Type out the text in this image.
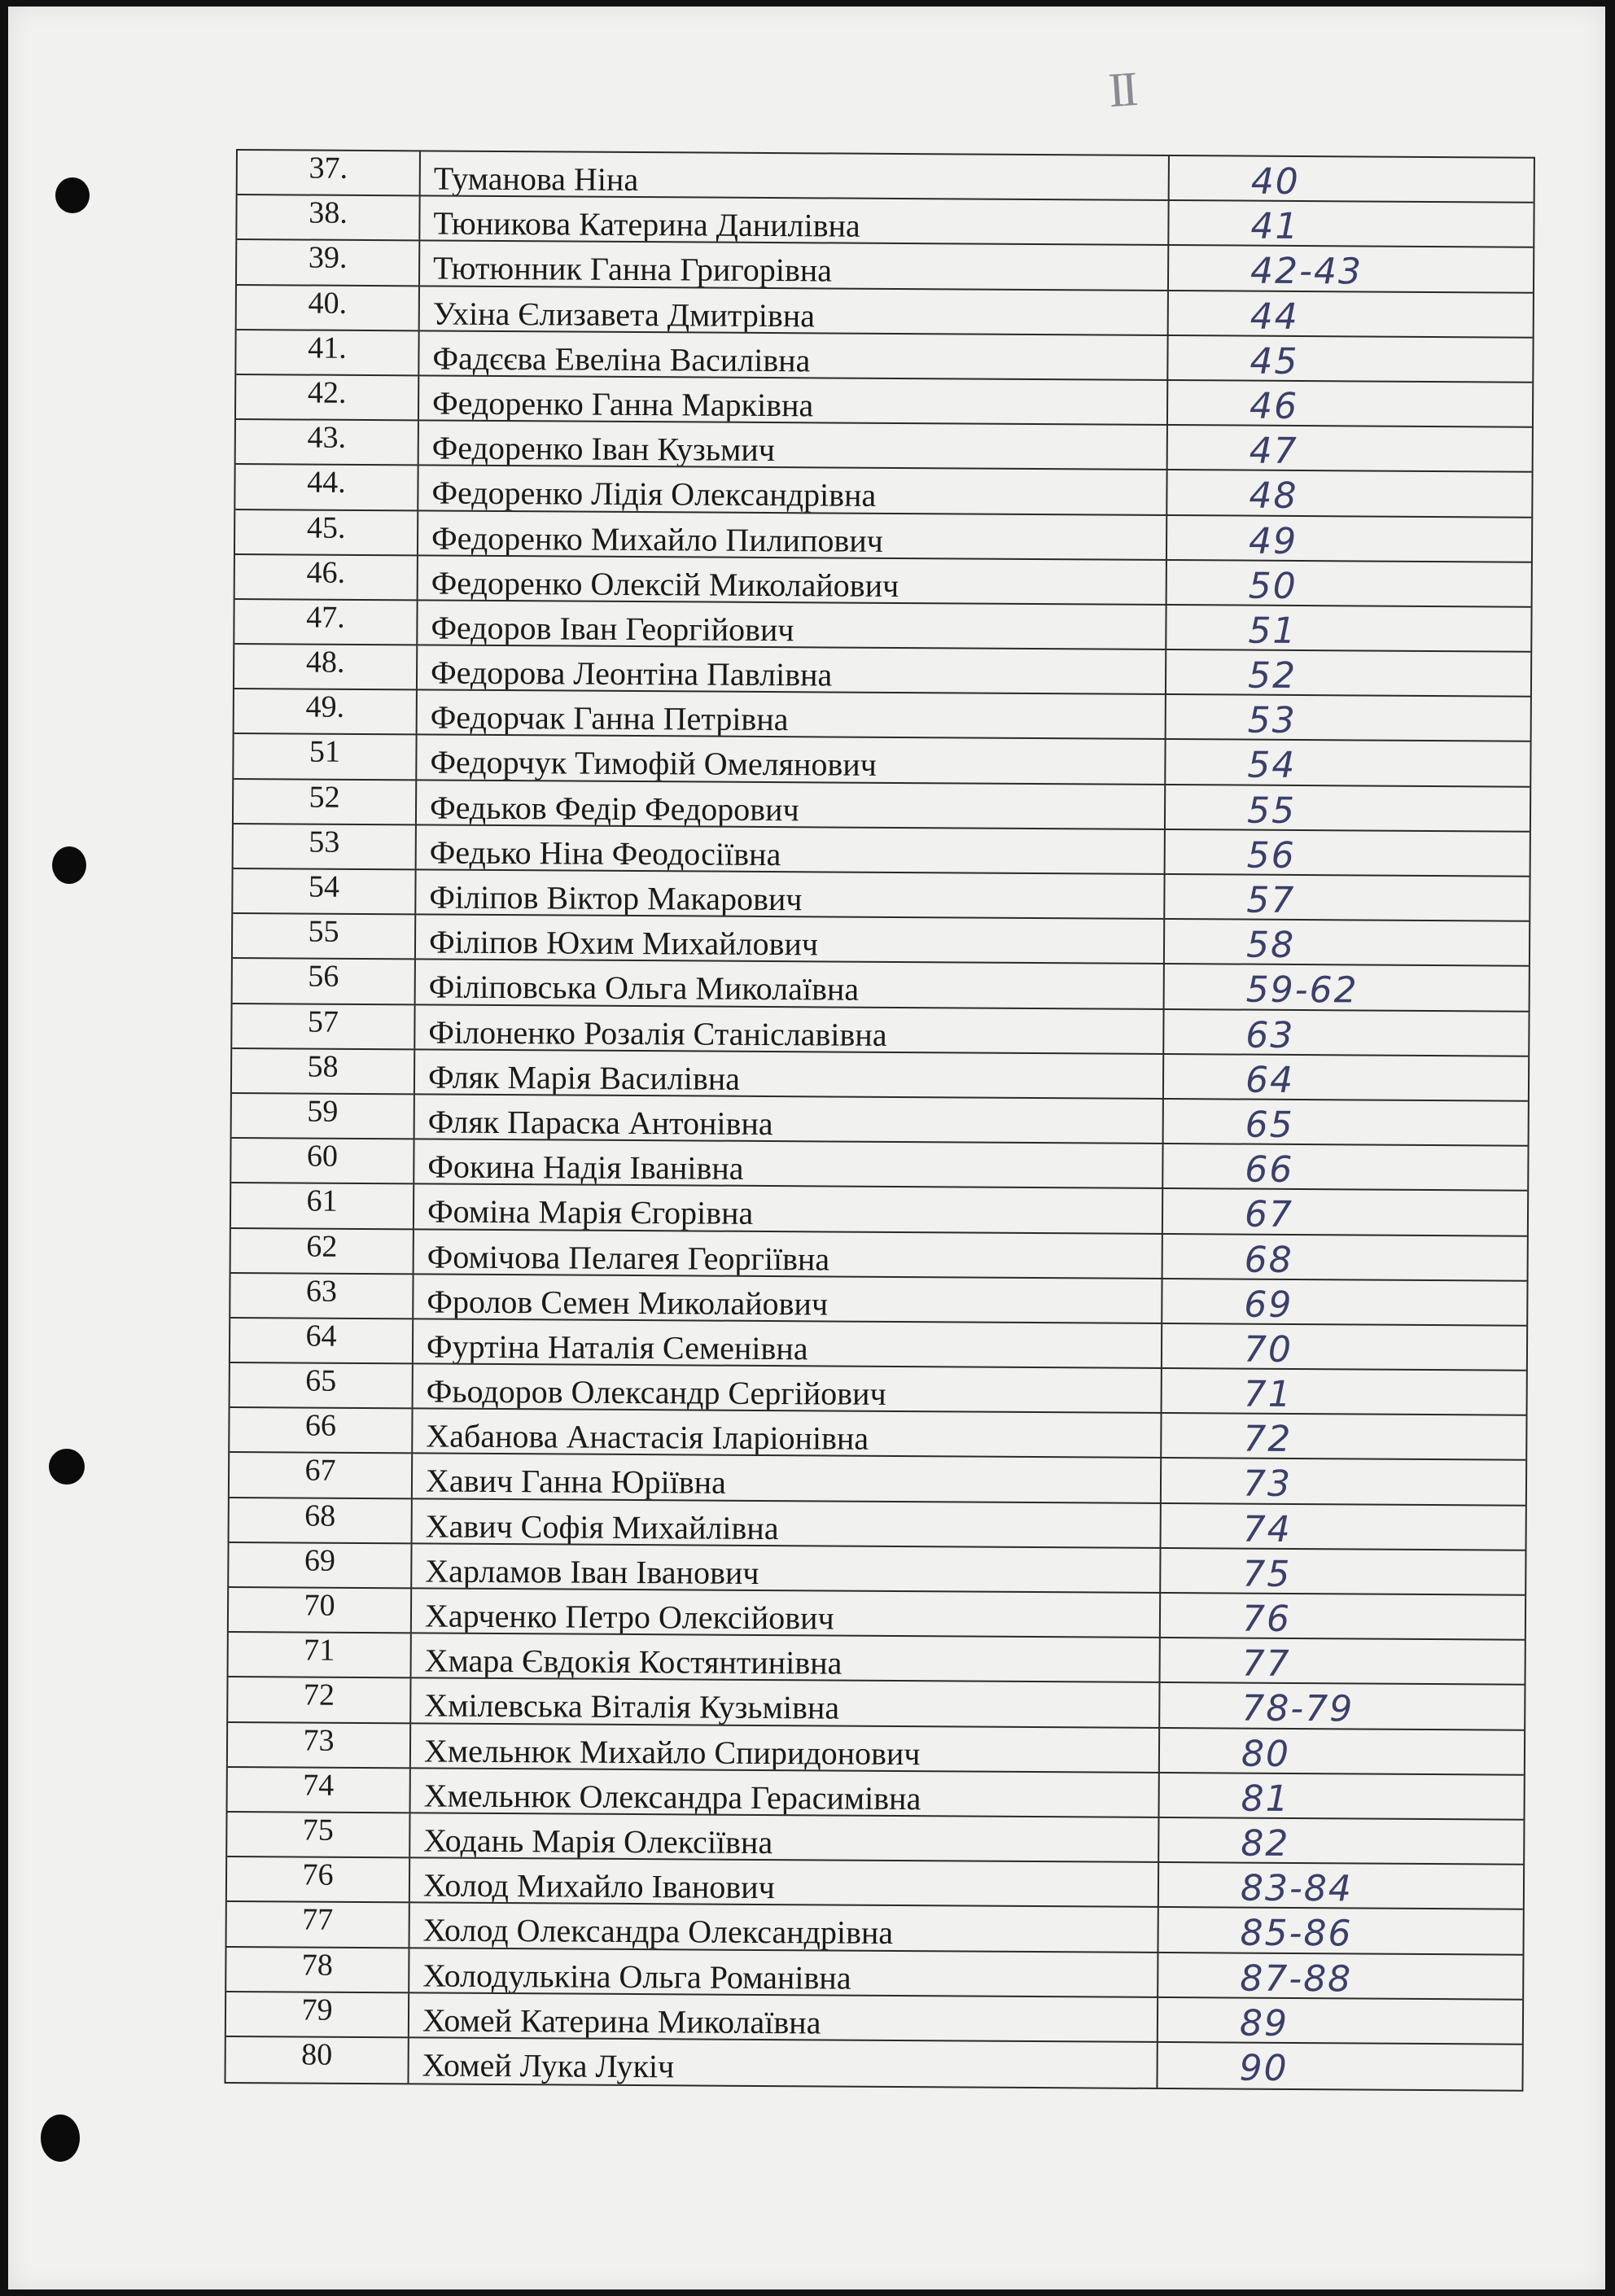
II
37.	Туманова Ніна	40
38.	Тюникова Катерина Данилівна	41
39.	Тютюнник Ганна Григорівна	42-43
40.	Ухіна Єлизавета Дмитрівна	44
41.	Фадєєва Евеліна Василівна	45
42.	Федоренко Ганна Марківна	46
43.	Федоренко Іван Кузьмич	47
44.	Федоренко Лідія Олександрівна	48
45.	Федоренко Михайло Пилипович	49
46.	Федоренко Олексій Миколайович	50
47.	Федоров Іван Георгійович	51
48.	Федорова Леонтіна Павлівна	52
49.	Федорчак Ганна Петрівна	53
51	Федорчук Тимофій Омелянович	54
52	Федьков Федір Федорович	55
53	Федько Ніна Феодосіївна	56
54	Філіпов Віктор Макарович	57
55	Філіпов Юхим Михайлович	58
56	Філіповська Ольга Миколаївна	59-62
57	Філоненко Розалія Станіславівна	63
58	Фляк Марія Василівна	64
59	Фляк Параска Антонівна	65
60	Фокина Надія Іванівна	66
61	Фоміна Марія Єгорівна	67
62	Фомічова Пелагея Георгіївна	68
63	Фролов Семен Миколайович	69
64	Фуртіна Наталія Семенівна	70
65	Фьодоров Олександр Сергійович	71
66	Хабанова Анастасія Іларіонівна	72
67	Хавич Ганна Юріївна	73
68	Хавич Софія Михайлівна	74
69	Харламов Іван Іванович	75
70	Харченко Петро Олексійович	76
71	Хмара Євдокія Костянтинівна	77
72	Хмілевська Віталія Кузьмівна	78-79
73	Хмельнюк Михайло Спиридонович	80
74	Хмельнюк Олександра Герасимівна	81
75	Ходань Марія Олексіївна	82
76	Холод Михайло Іванович	83-84
77	Холод Олександра Олександрівна	85-86
78	Холодулькіна Ольга Романівна	87-88
79	Хомей Катерина Миколаївна	89
80	Хомей Лука Лукіч	90
